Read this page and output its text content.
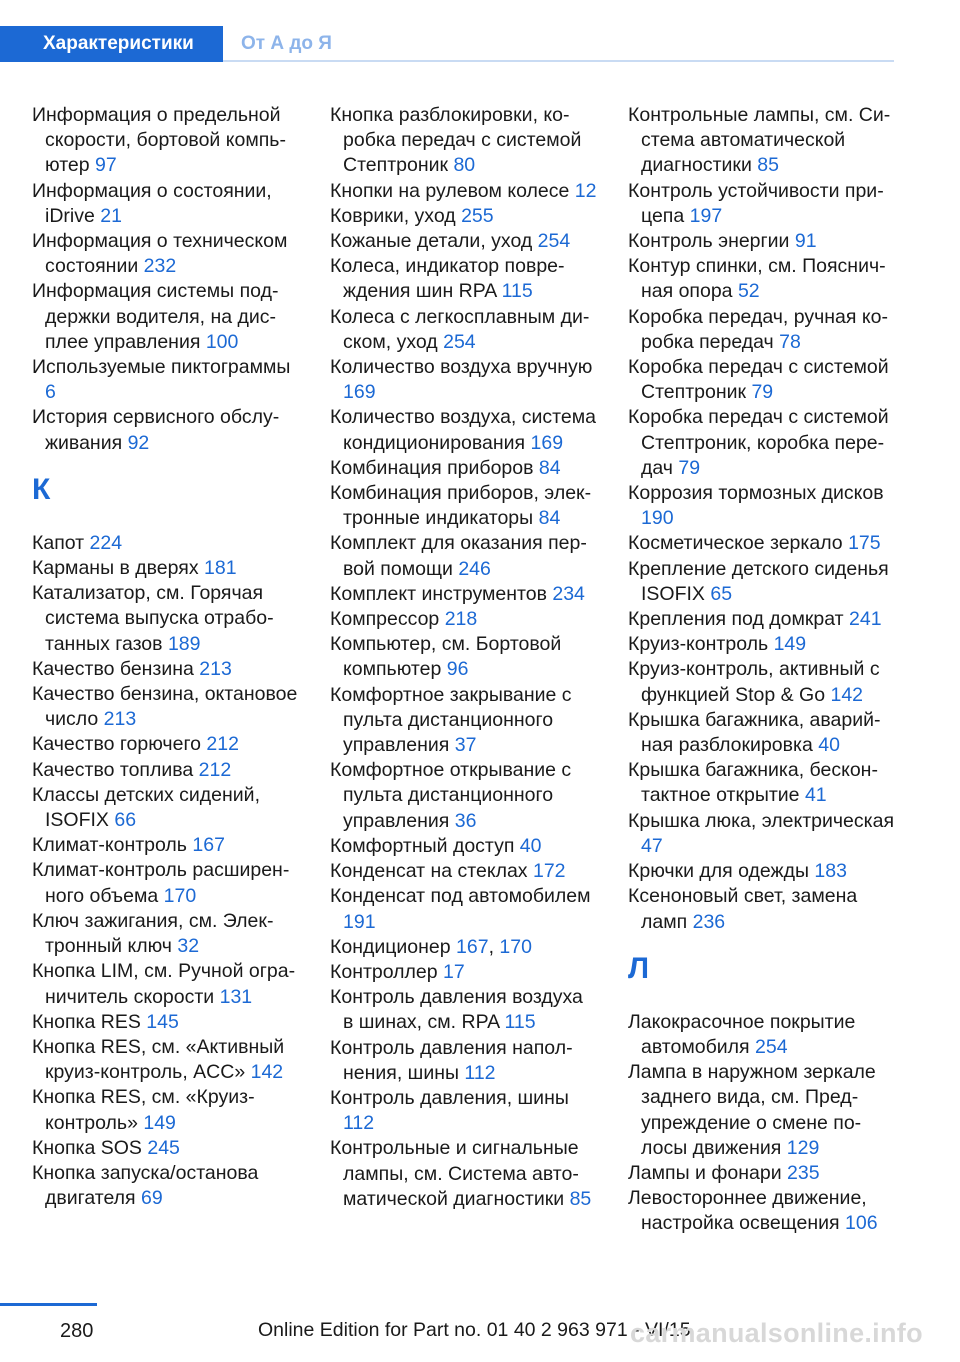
Характеристики	От А до Я
Информация о предельной скорости, бортовой компьютер 97
Информация о состоянии, iDrive 21
Информация о техническом состоянии 232
Информация системы поддержки водителя, на дисплее управления 100
Используемые пиктограммы 6
История сервисного обслуживания 92
К
Капот 224
Карманы в дверях 181
Катализатор, см. Горячая система выпуска отработанных газов 189
Качество бензина 213
Качество бензина, октановое число 213
Качество горючего 212
Качество топлива 212
Классы детских сидений, ISOFIX 66
Климат-контроль 167
Климат-контроль расширенного объема 170
Ключ зажигания, см. Электронный ключ 32
Кнопка LIM, см. Ручной ограничитель скорости 131
Кнопка RES 145
Кнопка RES, см. «Активный круиз-контроль, ACC» 142
Кнопка RES, см. «Круиз-контроль» 149
Кнопка SOS 245
Кнопка запуска/останова двигателя 69
Кнопка разблокировки, коробка передач с системой Стептроник 80
Кнопки на рулевом колесе 12
Коврики, уход 255
Кожаные детали, уход 254
Колеса, индикатор повреждения шин RPA 115
Колеса с легкосплавным диском, уход 254
Количество воздуха вручную 169
Количество воздуха, система кондиционирования 169
Комбинация приборов 84
Комбинация приборов, электронные индикаторы 84
Комплект для оказания первой помощи 246
Комплект инструментов 234
Компрессор 218
Компьютер, см. Бортовой компьютер 96
Комфортное закрывание с пульта дистанционного управления 37
Комфортное открывание с пульта дистанционного управления 36
Комфортный доступ 40
Конденсат на стеклах 172
Конденсат под автомобилем 191
Кондиционер 167, 170
Контроллер 17
Контроль давления воздуха в шинах, см. RPA 115
Контроль давления наполнения, шины 112
Контроль давления, шины 112
Контрольные и сигнальные лампы, см. Система автоматической диагностики 85
Контрольные лампы, см. Система автоматической диагностики 85
Контроль устойчивости прицепа 197
Контроль энергии 91
Контур спинки, см. Поясничная опора 52
Коробка передач, ручная коробка передач 78
Коробка передач с системой Стептроник 79
Коробка передач с системой Стептроник, коробка передач 79
Коррозия тормозных дисков 190
Косметическое зеркало 175
Крепление детского сиденья ISOFIX 65
Крепления под домкрат 241
Круиз-контроль 149
Круиз-контроль, активный с функцией Stop & Go 142
Крышка багажника, аварийная разблокировка 40
Крышка багажника, бесконтактное открытие 41
Крышка люка, электрическая 47
Крючки для одежды 183
Ксеноновый свет, замена ламп 236
Л
Лакокрасочное покрытие автомобиля 254
Лампа в наружном зеркале заднего вида, см. Предупреждение о смене полосы движения 129
Лампы и фонари 235
Левостороннее движение, настройка освещения 106
280	Online Edition for Part no. 01 40 2 963 971 - VI/15
carmanualsonline.info
